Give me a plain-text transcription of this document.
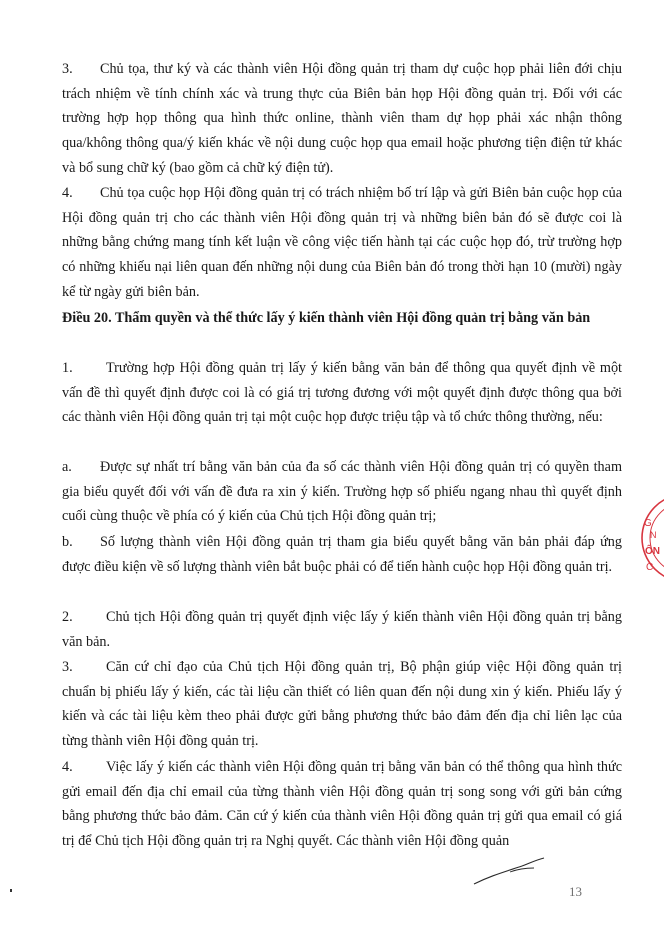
3. Chủ tọa, thư ký và các thành viên Hội đồng quản trị tham dự cuộc họp phải liên đới chịu trách nhiệm về tính chính xác và trung thực của Biên bản họp Hội đồng quản trị. Đối với các trường hợp họp thông qua hình thức online, thành viên tham dự họp phải xác nhận thông qua/không thông qua/ý kiến khác về nội dung cuộc họp qua email hoặc phương tiện điện tử khác và bổ sung chữ ký (bao gồm cả chữ ký điện tử).

4. Chủ tọa cuộc họp Hội đồng quản trị có trách nhiệm bố trí lập và gửi Biên bản cuộc họp của Hội đồng quản trị cho các thành viên Hội đồng quản trị và những biên bản đó sẽ được coi là những bằng chứng mang tính kết luận về công việc tiến hành tại các cuộc họp đó, trừ trường hợp có những khiếu nại liên quan đến những nội dung của Biên bản đó trong thời hạn 10 (mười) ngày kể từ ngày gửi biên bản.

Điều 20. Thẩm quyền và thể thức lấy ý kiến thành viên Hội đồng quản trị bằng văn bản

1. Trường hợp Hội đồng quản trị lấy ý kiến bằng văn bản để thông qua quyết định về một vấn đề thì quyết định được coi là có giá trị tương đương với một quyết định được thông qua bởi các thành viên Hội đồng quản trị tại một cuộc họp được triệu tập và tổ chức thông thường, nếu:

a. Được sự nhất trí bằng văn bản của đa số các thành viên Hội đồng quản trị có quyền tham gia biểu quyết đối với vấn đề đưa ra xin ý kiến. Trường hợp số phiếu ngang nhau thì quyết định cuối cùng thuộc về phía có ý kiến của Chủ tịch Hội đồng quản trị;

b. Số lượng thành viên Hội đồng quản trị tham gia biểu quyết bằng văn bản phải đáp ứng được điều kiện về số lượng thành viên bắt buộc phải có để tiến hành cuộc họp Hội đồng quản trị.

2. Chủ tịch Hội đồng quản trị quyết định việc lấy ý kiến thành viên Hội đồng quản trị bằng văn bản.

3. Căn cứ chỉ đạo của Chủ tịch Hội đồng quản trị, Bộ phận giúp việc Hội đồng quản trị chuẩn bị phiếu lấy ý kiến, các tài liệu cần thiết có liên quan đến nội dung xin ý kiến. Phiếu lấy ý kiến và các tài liệu kèm theo phải được gửi bằng phương thức bảo đảm đến địa chỉ liên lạc của từng thành viên Hội đồng quản trị.

4. Việc lấy ý kiến các thành viên Hội đồng quản trị bằng văn bản có thể thông qua hình thức gửi email đến địa chỉ email của từng thành viên Hội đồng quản trị song song với gửi bản cứng bằng phương thức bảo đảm. Căn cứ ý kiến của thành viên Hội đồng quản trị gửi qua email có giá trị để Chủ tịch Hội đồng quản trị ra Nghị quyết. Các thành viên Hội đồng quản

G
N
ÔN
C
13
